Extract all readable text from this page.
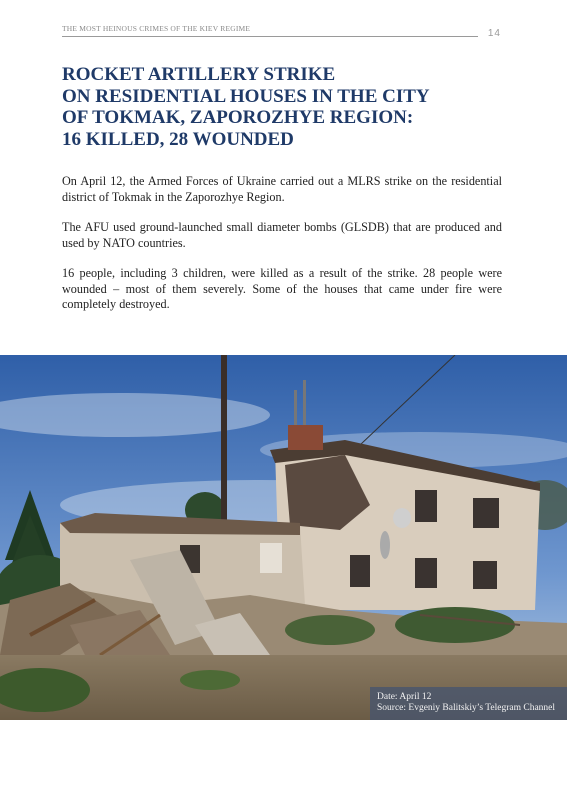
THE MOST HEINOUS CRIMES OF THE KIEV REGIME	14
ROCKET ARTILLERY STRIKE
ON RESIDENTIAL HOUSES IN THE CITY
OF TOKMAK, ZAPOROZHYE REGION:
16 KILLED, 28 WOUNDED

On April 12, the Armed Forces of Ukraine carried out a MLRS strike on the residential district of Tokmak in the Zaporozhye Region.

The AFU used ground-launched small diameter bombs (GLSDB) that are produced and used by NATO countries.

16 people, including 3 children, were killed as a result of the strike. 28 people were wounded – most of them severely. Some of the houses that came under fire were completely destroyed.

Date: April 12
Source: Evgeniy Balitskiy’s Telegram Channel
